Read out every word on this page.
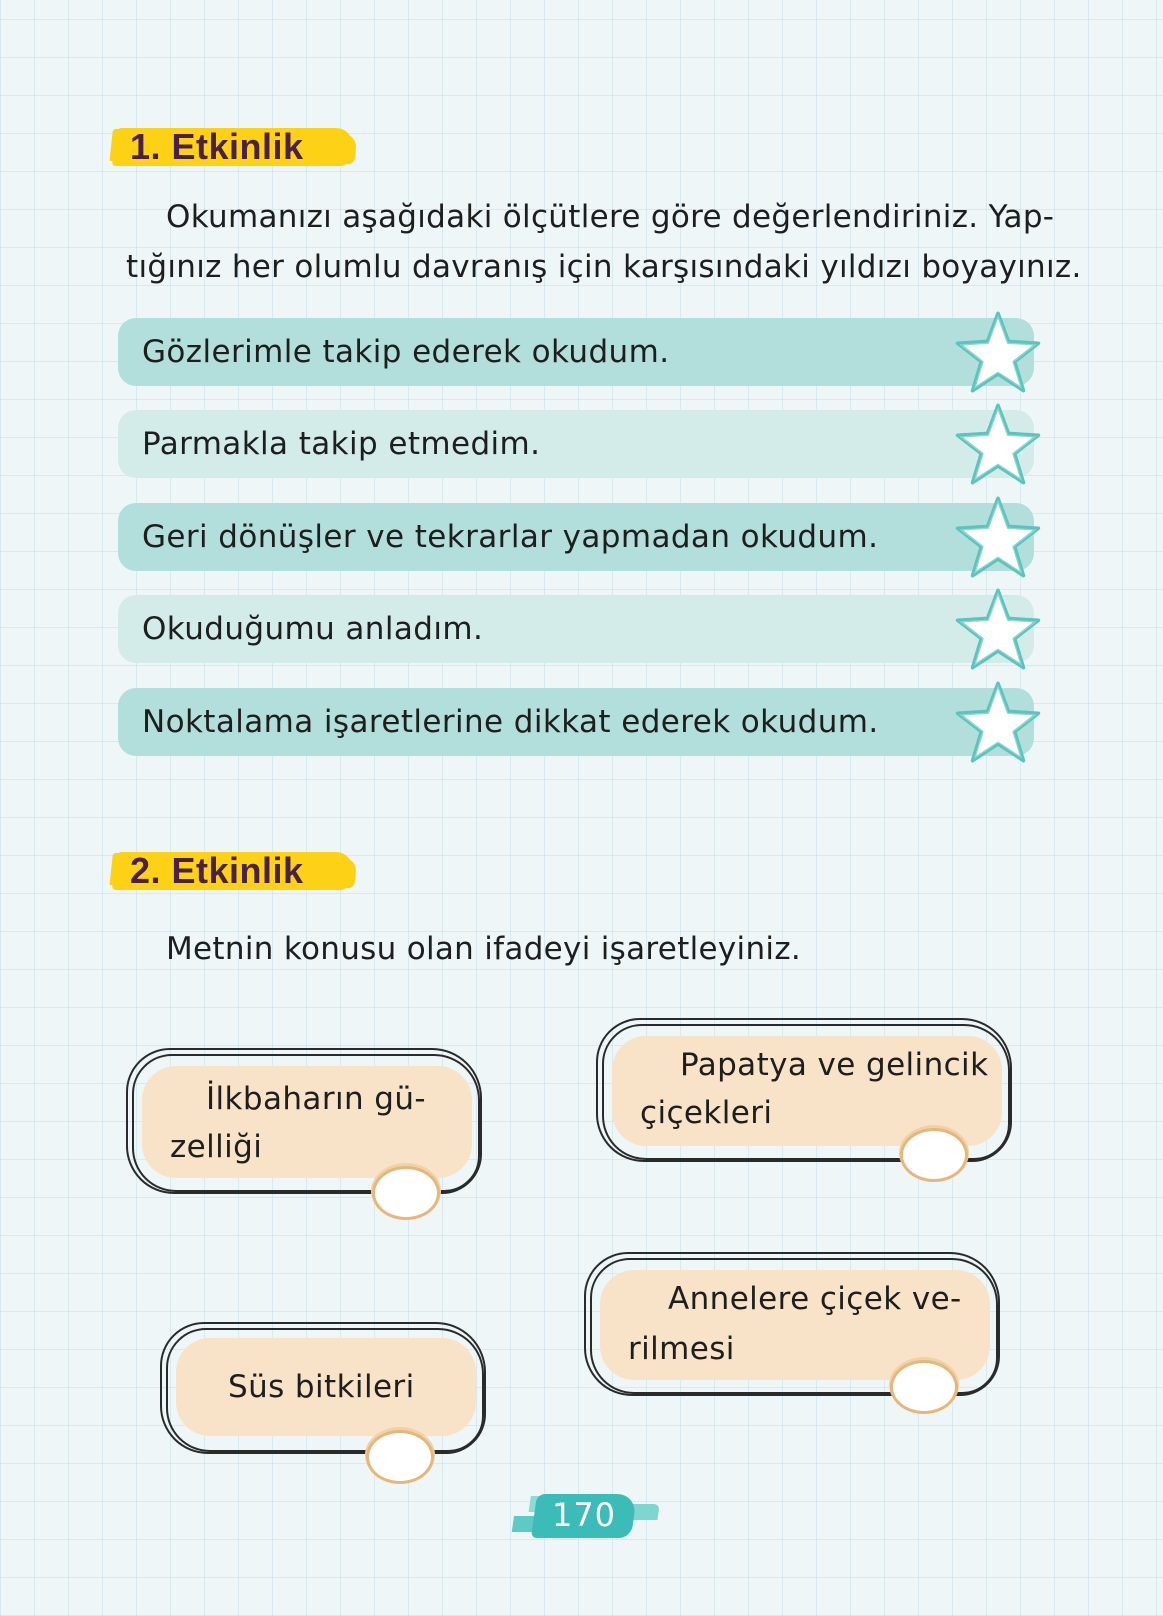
1. Etkinlik
Okumanızı aşağıdaki ölçütlere göre değerlendiriniz. Yap-
tığınız her olumlu davranış için karşısındaki yıldızı boyayınız.
Gözlerimle takip ederek okudum.
Parmakla takip etmedim.
Geri dönüşler ve tekrarlar yapmadan okudum.
Okuduğumu anladım.
Noktalama işaretlerine dikkat ederek okudum.
2. Etkinlik
Metnin konusu olan ifadeyi işaretleyiniz.
İlkbaharın gü-
zelliği
Papatya ve gelincik
çiçekleri
Süs bitkileri
Annelere çiçek ve-
rilmesi
170
